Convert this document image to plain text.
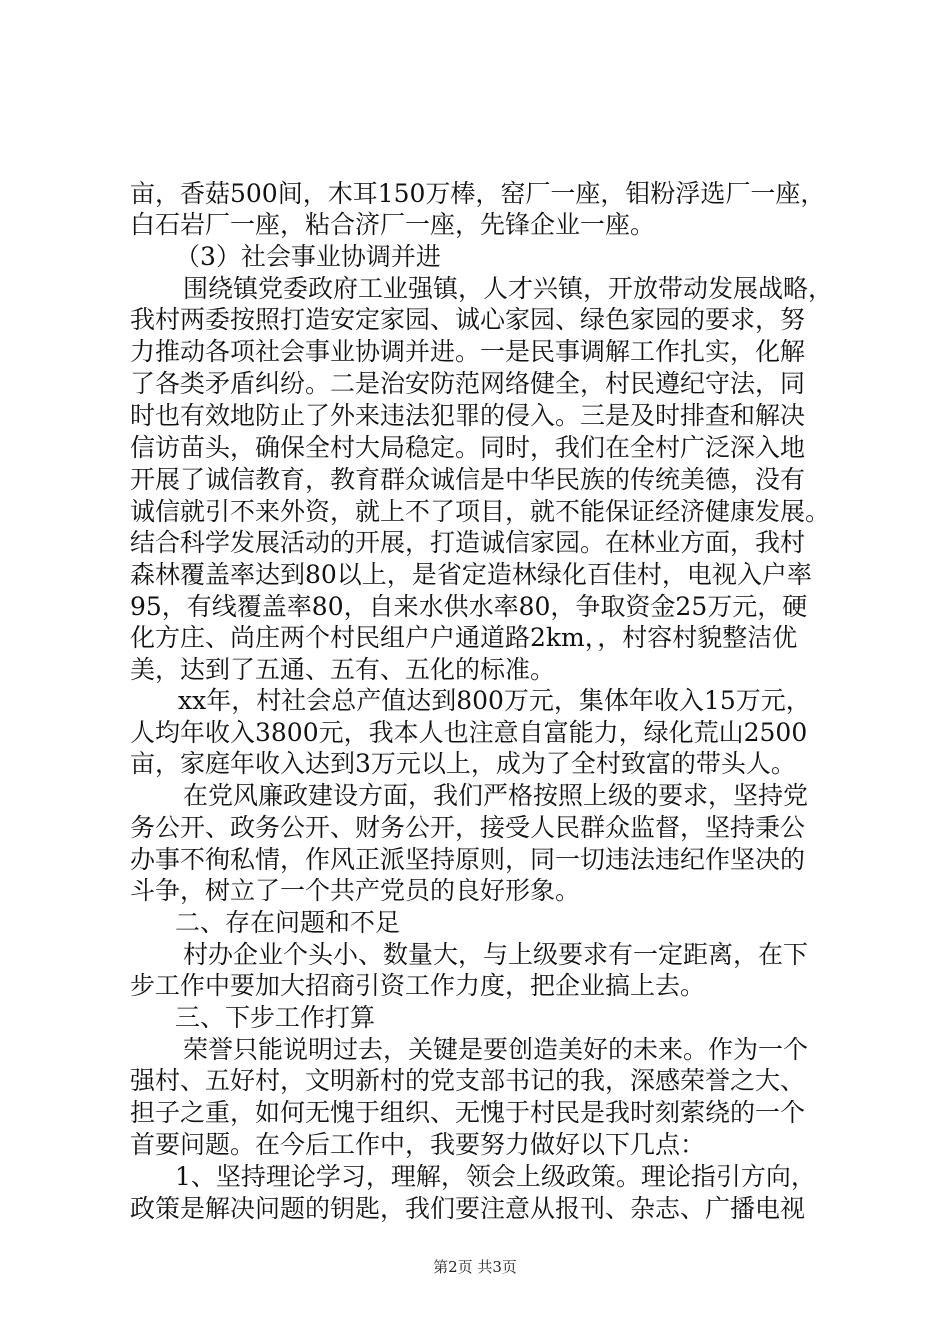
亩，香菇500间，木耳150万棒，窑厂一座，钼粉浮选厂一座，
白石岩厂一座，粘合济厂一座，先锋企业一座。
（3）社会事业协调并进
围绕镇党委政府工业强镇，人才兴镇，开放带动发展战略，
我村两委按照打造安定家园、诚心家园、绿色家园的要求，努
力推动各项社会事业协调并进。一是民事调解工作扎实，化解
了各类矛盾纠纷。二是治安防范网络健全，村民遵纪守法，同
时也有效地防止了外来违法犯罪的侵入。三是及时排查和解决
信访苗头，确保全村大局稳定。同时，我们在全村广泛深入地
开展了诚信教育，教育群众诚信是中华民族的传统美德，没有
诚信就引不来外资，就上不了项目，就不能保证经济健康发展。
结合科学发展活动的开展，打造诚信家园。在林业方面，我村
森林覆盖率达到80以上，是省定造林绿化百佳村，电视入户率
95，有线覆盖率80，自来水供水率80，争取资金25万元，硬
化方庄、尚庄两个村民组户户通道路2km，，村容村貌整洁优
美，达到了五通、五有、五化的标准。
xx年，村社会总产值达到800万元，集体年收入15万元，
人均年收入3800元，我本人也注意自富能力，绿化荒山2500
亩，家庭年收入达到3万元以上，成为了全村致富的带头人。
在党风廉政建设方面，我们严格按照上级的要求，坚持党
务公开、政务公开、财务公开，接受人民群众监督，坚持秉公
办事不徇私情，作风正派坚持原则，同一切违法违纪作坚决的
斗争，树立了一个共产党员的良好形象。
二、存在问题和不足
村办企业个头小、数量大，与上级要求有一定距离，在下
步工作中要加大招商引资工作力度，把企业搞上去。
三、下步工作打算
荣誉只能说明过去，关键是要创造美好的未来。作为一个
强村、五好村，文明新村的党支部书记的我，深感荣誉之大、
担子之重，如何无愧于组织、无愧于村民是我时刻萦绕的一个
首要问题。在今后工作中，我要努力做好以下几点：
1、坚持理论学习，理解，领会上级政策。理论指引方向，
政策是解决问题的钥匙，我们要注意从报刊、杂志、广播电视
第2页 共3页
